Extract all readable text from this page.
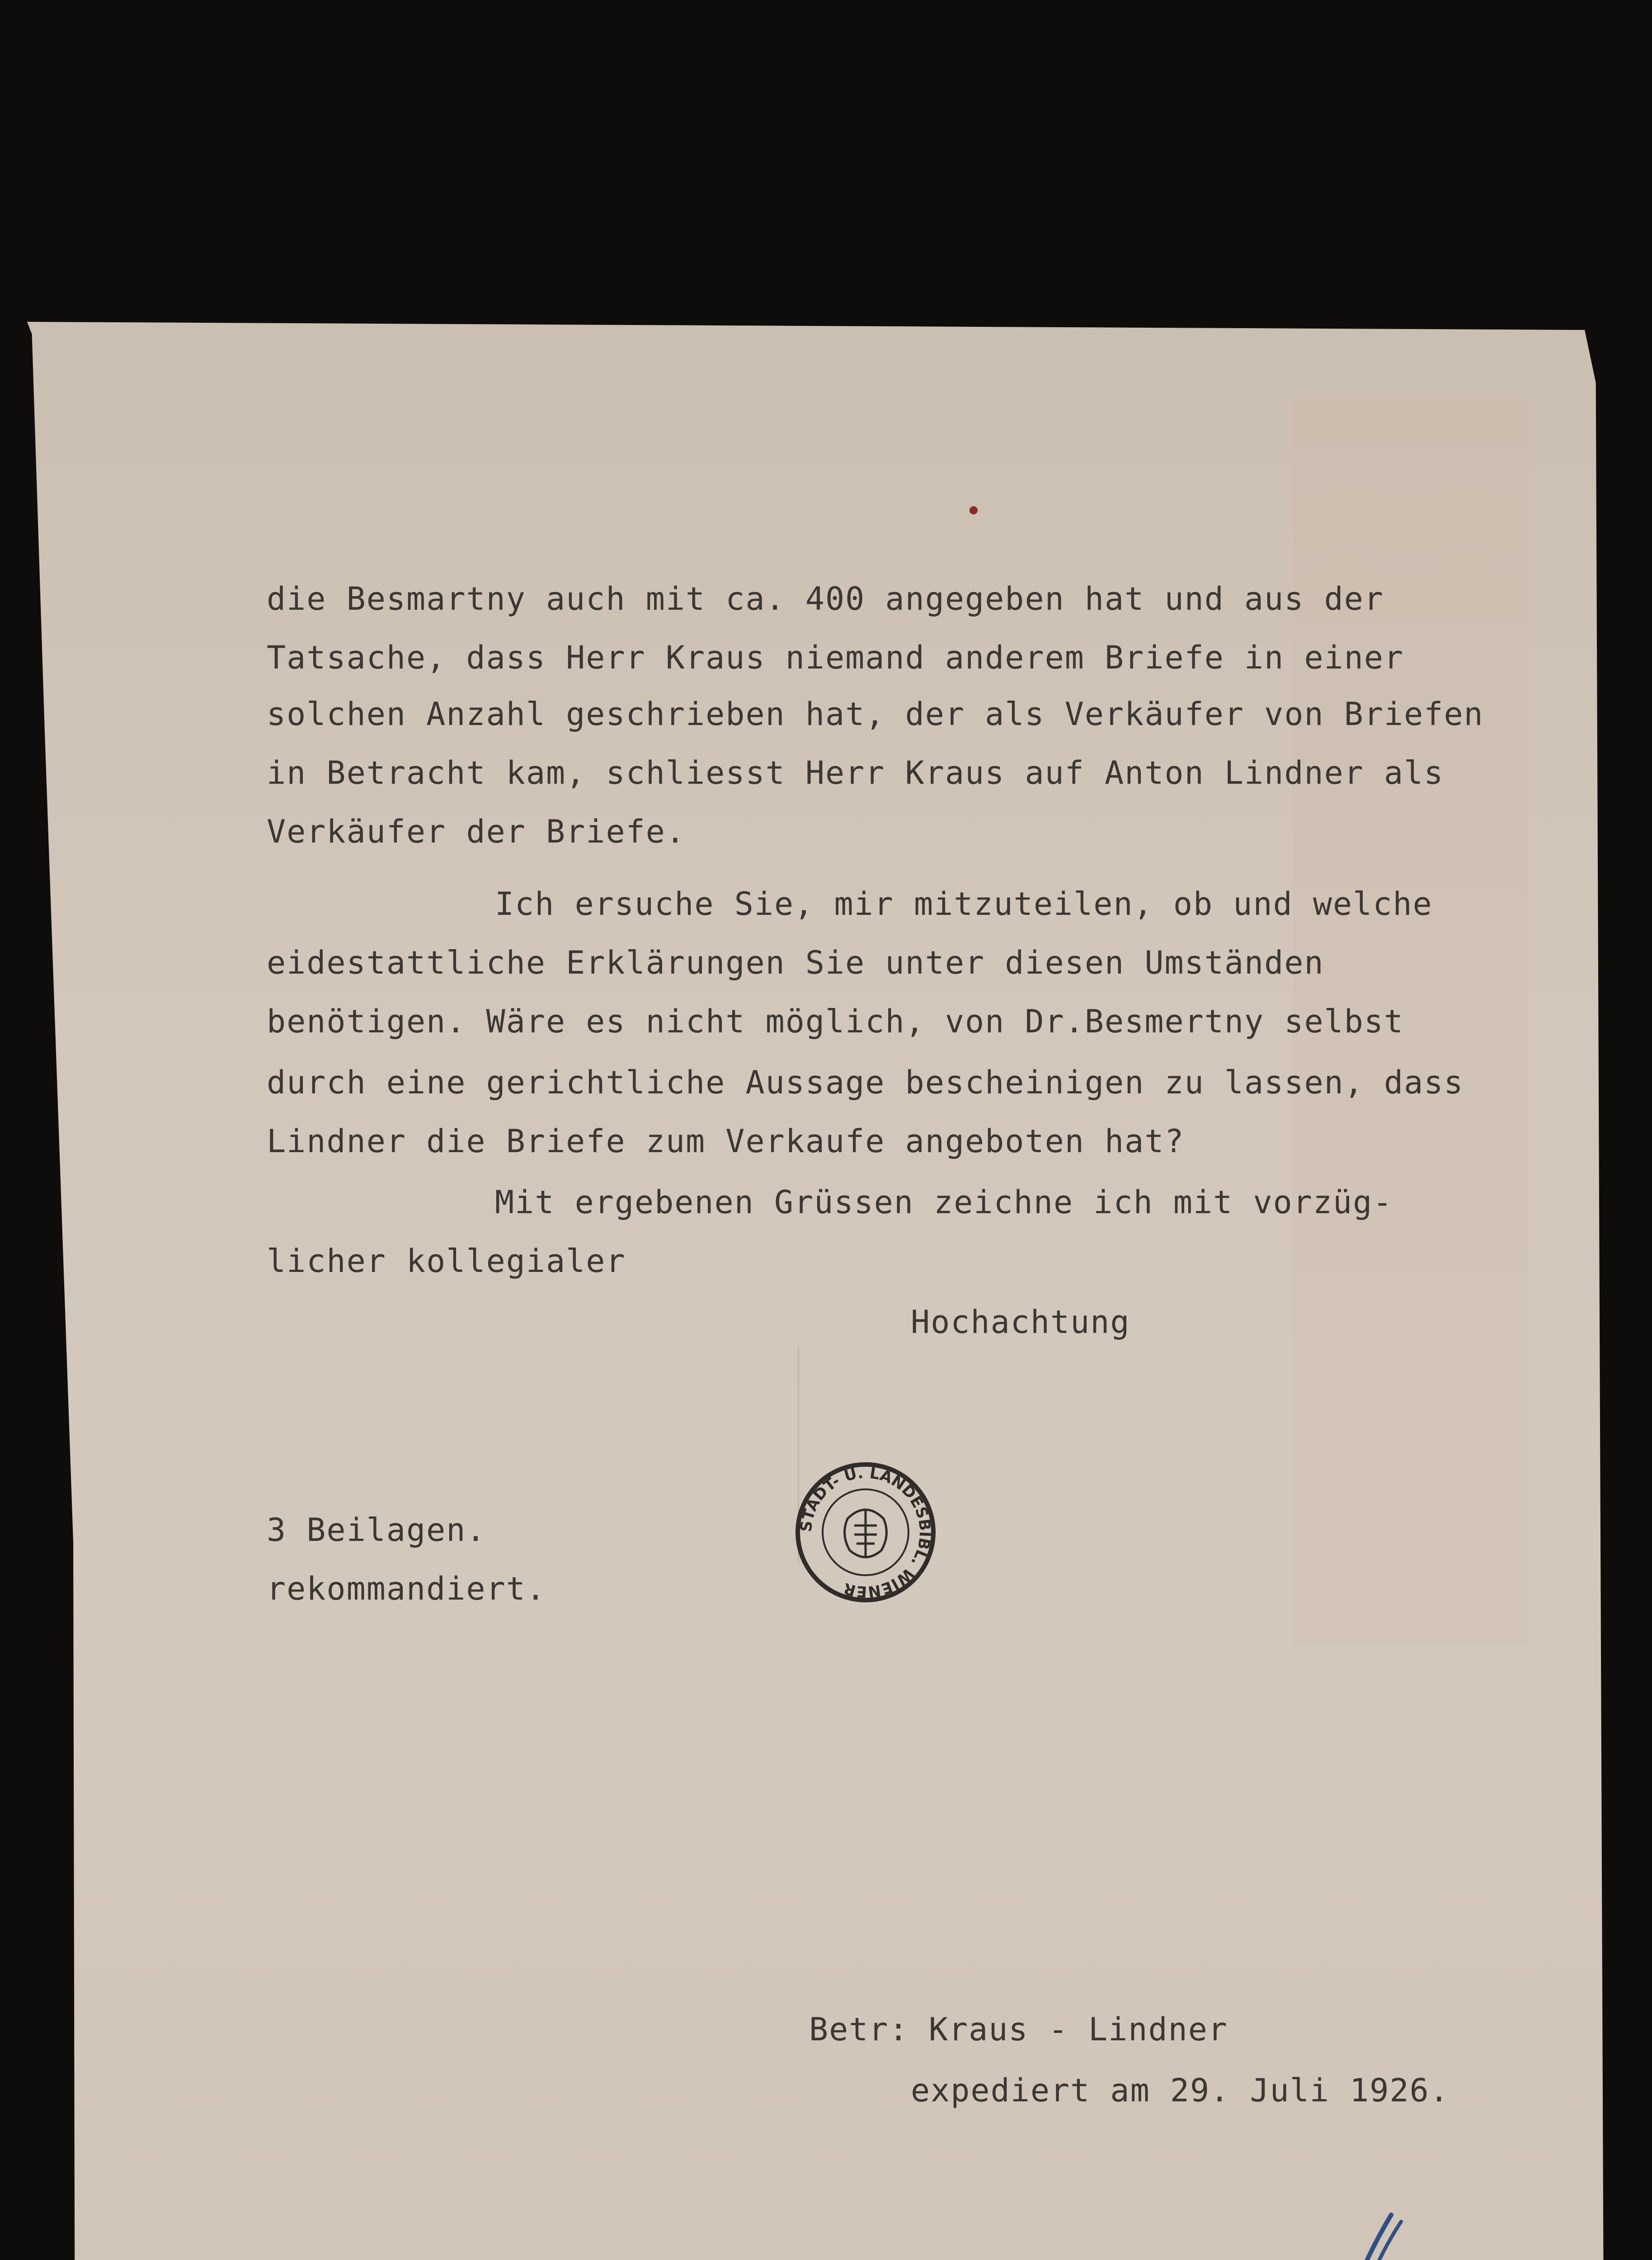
die Besmartny auch mit ca. 400 angegeben hat und aus der
Tatsache, dass Herr Kraus niemand anderem Briefe in einer
solchen Anzahl geschrieben hat, der als Verkäufer von Briefen
in Betracht kam, schliesst Herr Kraus auf Anton Lindner als
Verkäufer der Briefe.
Ich ersuche Sie, mir mitzuteilen, ob und welche
eidestattliche Erklärungen Sie unter diesen Umständen
benötigen. Wäre es nicht möglich, von Dr.Besmertny selbst
durch eine gerichtliche Aussage bescheinigen zu lassen, dass
Lindner die Briefe zum Verkaufe angeboten hat?
Mit ergebenen Grüssen zeichne ich mit vorzüg-
licher kollegialer
Hochachtung
3 Beilagen.
rekommandiert.
STADT- U. LANDESBIBL. WIENER
Betr: Kraus - Lindner
expediert am 29. Juli 1926.
